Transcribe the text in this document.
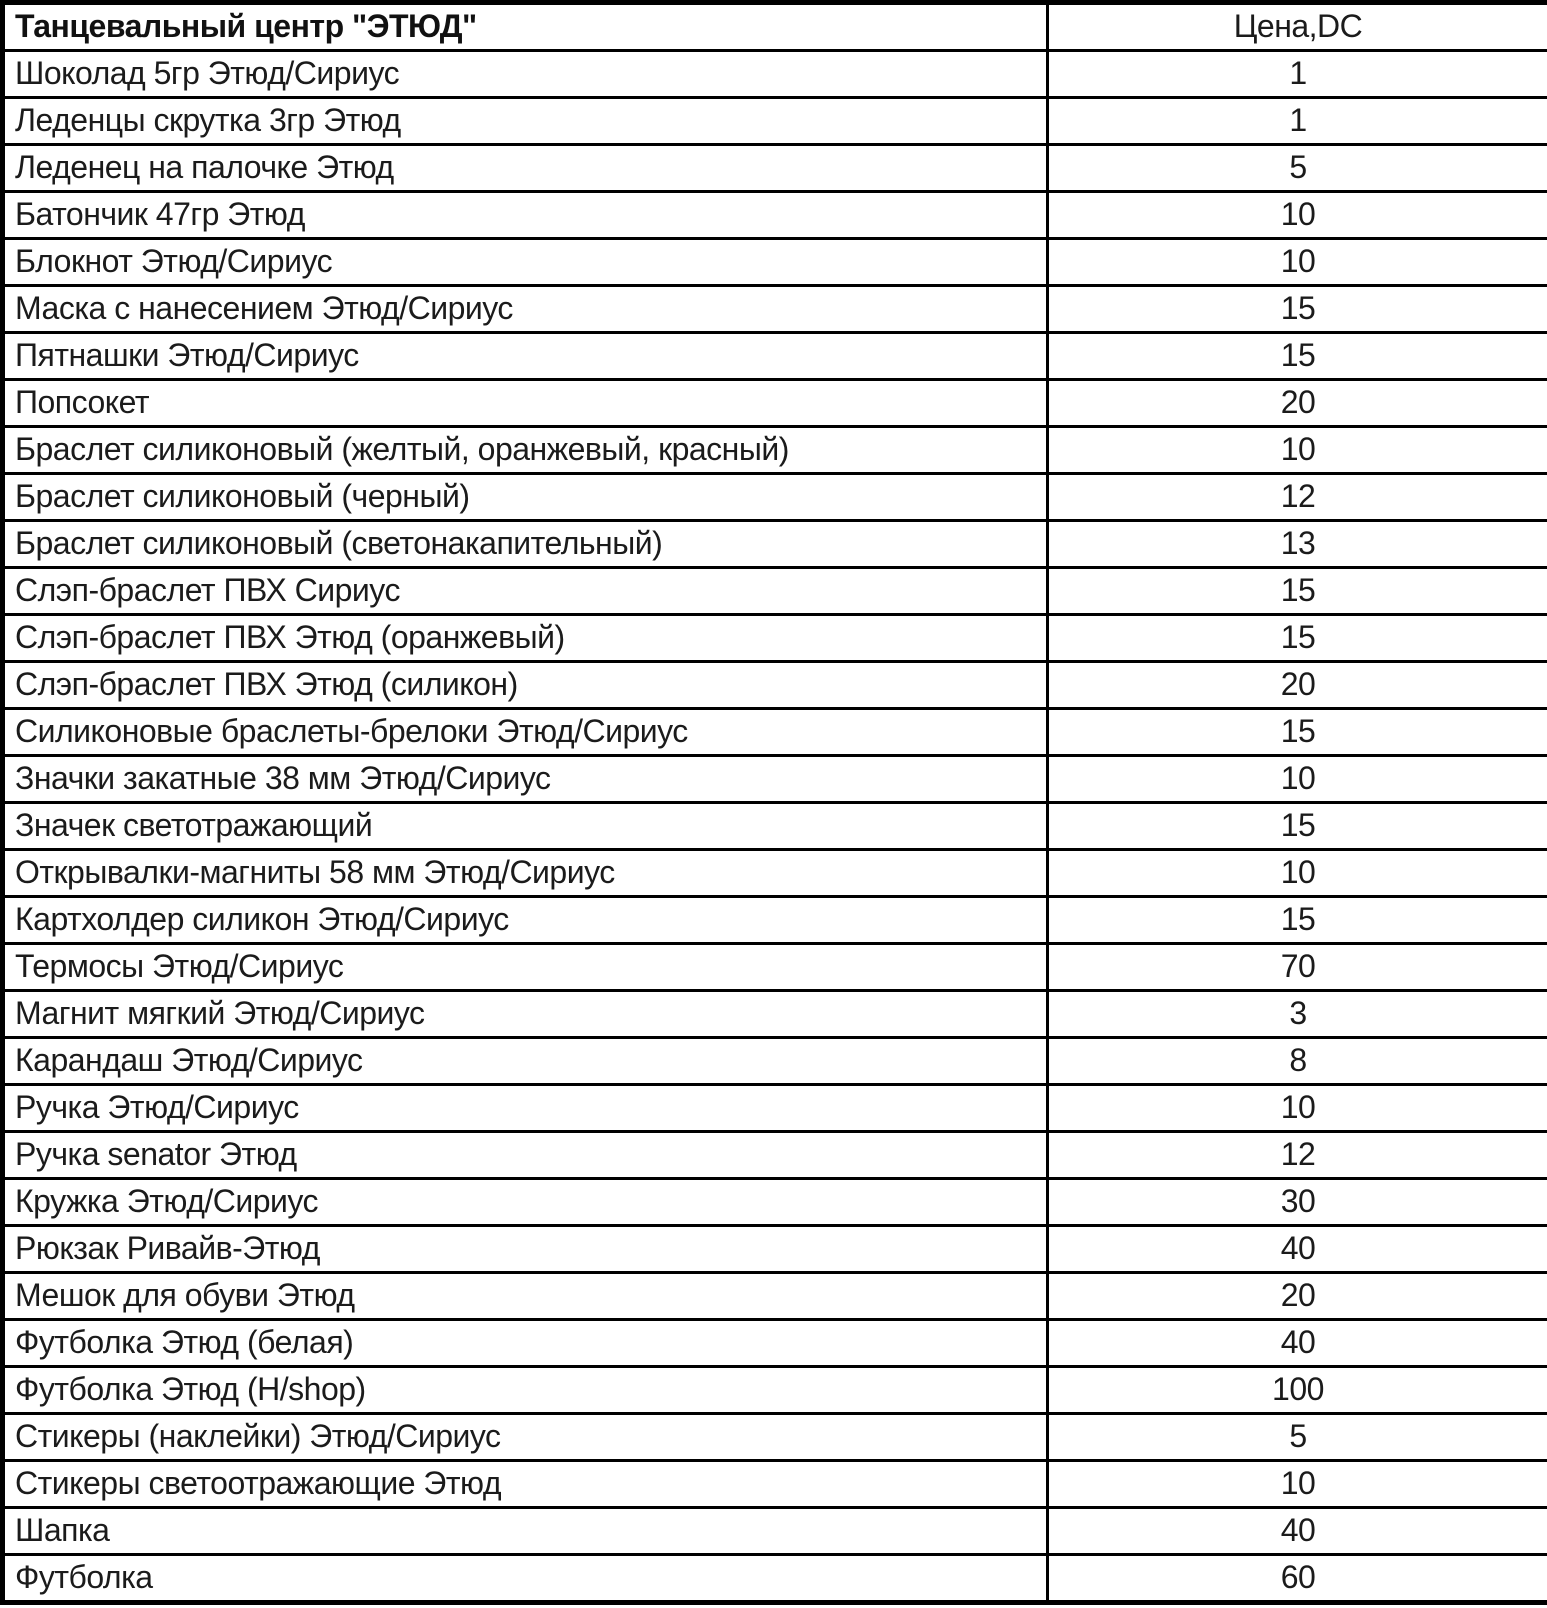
Танцевальный центр "ЭТЮД"	Цена,DC
Шоколад 5гр Этюд/Сириус	1
Леденцы скрутка 3гр Этюд	1
Леденец на палочке Этюд	5
Батончик 47гр Этюд	10
Блокнот Этюд/Сириус	10
Маска с нанесением Этюд/Сириус	15
Пятнашки Этюд/Сириус	15
Попсокет	20
Браслет силиконовый (желтый, оранжевый, красный)	10
Браслет силиконовый (черный)	12
Браслет силиконовый (светонакапительный)	13
Слэп-браслет ПВХ Сириус	15
Слэп-браслет ПВХ Этюд (оранжевый)	15
Слэп-браслет ПВХ Этюд (силикон)	20
Силиконовые браслеты-брелоки Этюд/Сириус	15
Значки закатные 38 мм Этюд/Сириус	10
Значек светотражающий	15
Открывалки-магниты 58 мм Этюд/Сириус	10
Картхолдер силикон Этюд/Сириус	15
Термосы Этюд/Сириус	70
Магнит мягкий Этюд/Сириус	3
Карандаш Этюд/Сириус	8
Ручка Этюд/Сириус	10
Ручка senator Этюд	12
Кружка Этюд/Сириус	30
Рюкзак Ривайв-Этюд	40
Мешок для обуви Этюд	20
Футболка Этюд (белая)	40
Футболка Этюд (H/shop)	100
Стикеры (наклейки) Этюд/Сириус	5
Стикеры светоотражающие Этюд	10
Шапка	40
Футболка	60
